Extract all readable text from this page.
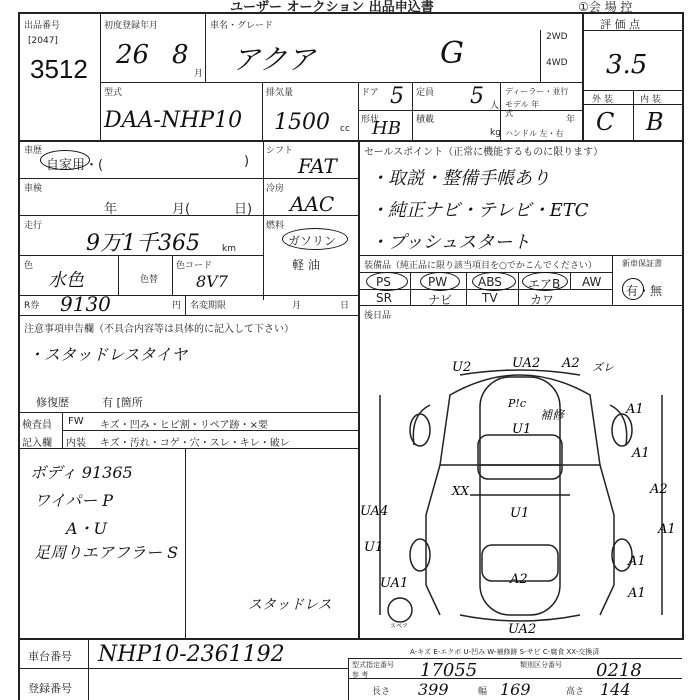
ユーザー オークション 出品申込書	①会 場 控
出品番号
[2047]
3512
初度登録年月
26 8
月
車名・グレード
アクア	G	2WD
4WD
型式
DAA-NHP10
排気量
1500 cc
ドア 5 定員 5 人
ディーラー・並行
モデル 年式
年
形状
HB 積載
kg ハンドル 左・右
評 価 点
3.5
外 装	内 装
C B
車歴
自家用・(	)
シフト
FAT
車検
年	月(	日)
冷房
AAC
走行
9万1千365 km
燃料
ガソリン
軽 油
色
水色	色替
色コード
8V7
R券 9130	円 名変期限	月	日
セールスポイント（正常に機能するものに限ります）
・取説・整備手帳あり
・純正ナビ・テレビ・ETC
・プッシュスタート
装備品（純正品に限り該当項目を○でかこんでください）	新車保証書
有・無
PS	PW	ABS エアB AW
SR	ナビ TV	カワ
後日品
注意事項申告欄（不具合内容等は具体的に記入して下さい）
・スタッドレスタイヤ
修復歴	有 [箇所
検査員
記入欄
FW キズ・凹み・ヒビ割・リペア跡・×要
内装 キズ・汚れ・コゲ・穴・スレ・キレ・破レ
ボディ 91365
ワイパー P
A・U
足周りエアフラー S
スタッドレス
U2	UA2 A2 ズレ
P!c
補修
U1
A1
A1
A2
A1
UA4
XX
U1
U1
A1
UA1	A2
A1
UA2
スペア
A-キズ E-エクボ U-凹み W-補修跡 S-サビ C-腐食 XX-交換済
車台番号 NHP10-2361192
登録番号
型式指定番号	類別区分番号
参 考	17055	0218
長さ 399	幅 169	高さ 144
